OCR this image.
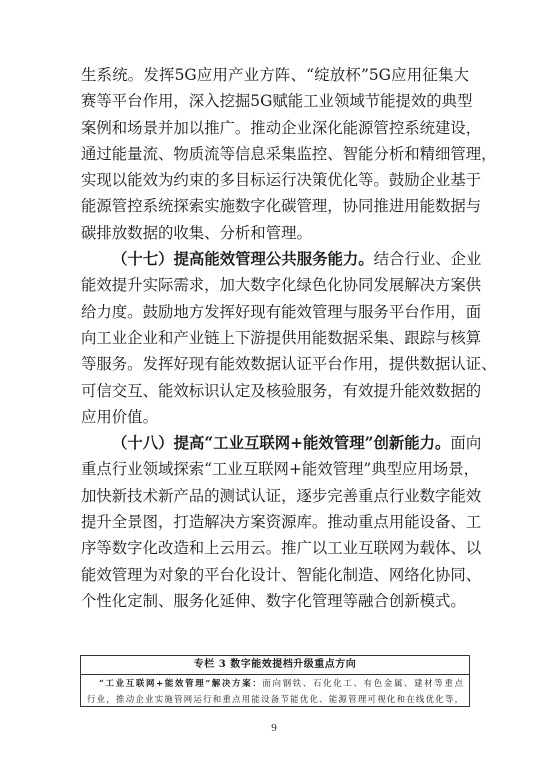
生系统。发挥5G应用产业方阵、“绽放杯”5G应用征集大
赛等平台作用，深入挖掘5G赋能工业领域节能提效的典型
案例和场景并加以推广。推动企业深化能源管控系统建设，
通过能量流、物质流等信息采集监控、智能分析和精细管理，
实现以能效为约束的多目标运行决策优化等。鼓励企业基于
能源管控系统探索实施数字化碳管理，协同推进用能数据与
碳排放数据的收集、分析和管理。
（十七）提高能效管理公共服务能力。结合行业、企业
能效提升实际需求，加大数字化绿色化协同发展解决方案供
给力度。鼓励地方发挥好现有能效管理与服务平台作用，面
向工业企业和产业链上下游提供用能数据采集、跟踪与核算
等服务。发挥好现有能效数据认证平台作用，提供数据认证、
可信交互、能效标识认定及核验服务，有效提升能效数据的
应用价值。
（十八）提高“工业互联网+能效管理”创新能力。面向
重点行业领域探索“工业互联网+能效管理”典型应用场景，
加快新技术新产品的测试认证，逐步完善重点行业数字能效
提升全景图，打造解决方案资源库。推动重点用能设备、工
序等数字化改造和上云用云。推广以工业互联网为载体、以
能效管理为对象的平台化设计、智能化制造、网络化协同、
个性化定制、服务化延伸、数字化管理等融合创新模式。
专栏 3 数字能效提档升级重点方向
“工业互联网+能效管理”解决方案：面向钢铁、石化化工、有色金属、建材等重点
行业，推动企业实施管网运行和重点用能设备节能优化、能源管理可视化和在线优化等，
9
